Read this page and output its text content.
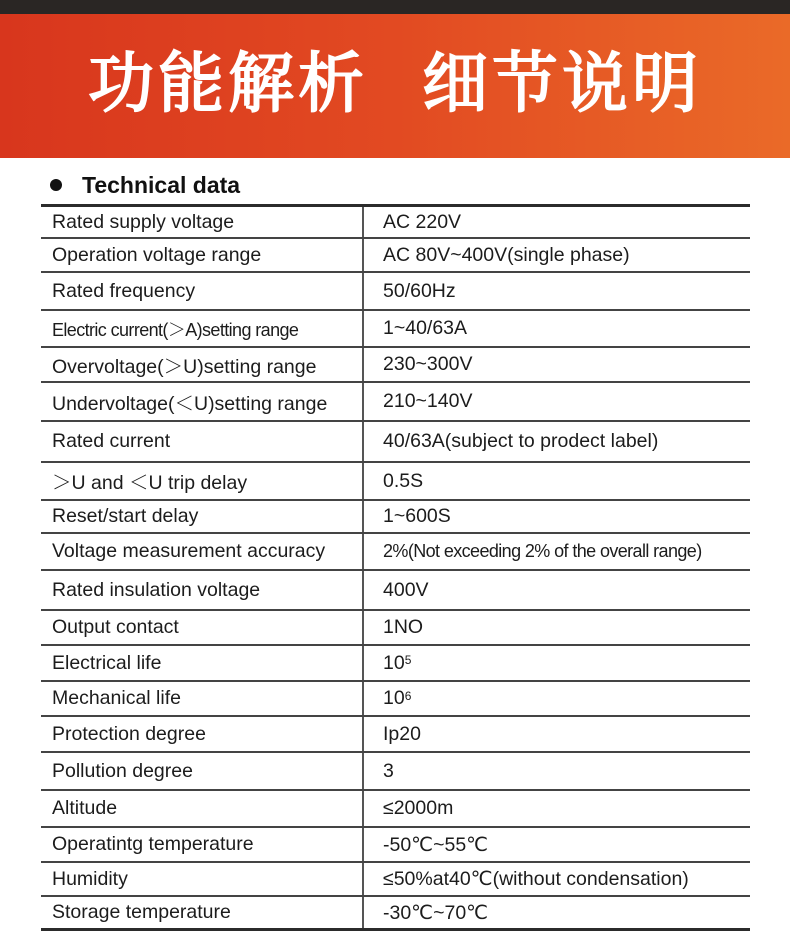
功能解析  细节说明
Technical data
Rated supply voltage	AC 220V
Operation voltage range	AC 80V~400V(single phase)
Rated frequency	50/60Hz
Electric current(＞A)setting range	1~40/63A
Overvoltage(＞U)setting range	230~300V
Undervoltage(＜U)setting range	210~140V
Rated current	40/63A(subject to prodect label)
＞U and ＜U trip delay	0.5S
Reset/start delay	1~600S
Voltage measurement accuracy	2%(Not exceeding 2% of the overall range)
Rated insulation voltage	400V
Output contact	1NO
Electrical life	$10^5$
Mechanical life	$10^6$
Protection degree	Ip20
Pollution degree	3
Altitude	≤2000m
Operatintg temperature	-50℃~55℃
Humidity	≤50%at40℃(without condensation)
Storage temperature	-30℃~70℃
